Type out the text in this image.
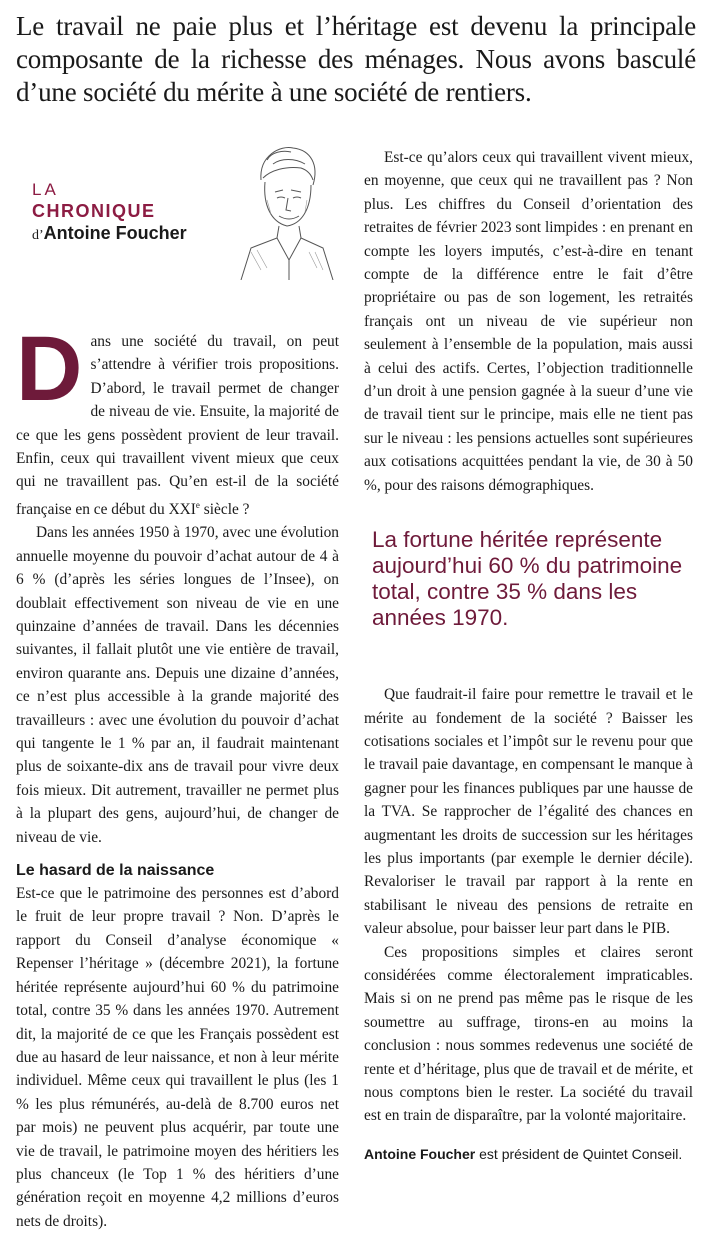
Le travail ne paie plus et l’héritage est devenu la principale composante de la richesse des ménages. Nous avons basculé d’une société du mérite à une société de rentiers.
LA
CHRONIQUE
d’Antoine Foucher

Dans une société du travail, on peut s’attendre à vérifier trois propositions. D’abord, le travail permet de changer de niveau de vie. Ensuite, la majorité de ce que les gens possèdent provient de leur travail. Enfin, ceux qui travaillent vivent mieux que ceux qui ne travaillent pas. Qu’en est-il de la société française en ce début du XXIe siècle ?

Dans les années 1950 à 1970, avec une évolution annuelle moyenne du pouvoir d’achat autour de 4 à 6 % (d’après les séries longues de l’Insee), on doublait effectivement son niveau de vie en une quinzaine d’années de travail. Dans les décennies suivantes, il fallait plutôt une vie entière de travail, environ quarante ans. Depuis une dizaine d’années, ce n’est plus accessible à la grande majorité des travailleurs : avec une évolution du pouvoir d’achat qui tangente le 1 % par an, il faudrait maintenant plus de soixante-dix ans de travail pour vivre deux fois mieux. Dit autrement, travailler ne permet plus à la plupart des gens, aujourd’hui, de changer de niveau de vie.

Le hasard de la naissance

Est-ce que le patrimoine des personnes est d’abord le fruit de leur propre travail ? Non. D’après le rapport du Conseil d’analyse économique « Repenser l’héritage » (décembre 2021), la fortune héritée représente aujourd’hui 60 % du patrimoine total, contre 35 % dans les années 1970. Autrement dit, la majorité de ce que les Français possèdent est due au hasard de leur naissance, et non à leur mérite individuel. Même ceux qui travaillent le plus (les 1 % les plus rémunérés, au-delà de 8.700 euros net par mois) ne peuvent plus acquérir, par toute une vie de travail, le patrimoine moyen des héritiers les plus chanceux (le Top 1 % des héritiers d’une génération reçoit en moyenne 4,2 millions d’euros nets de droits).

Est-ce qu’alors ceux qui travaillent vivent mieux, en moyenne, que ceux qui ne travaillent pas ? Non plus. Les chiffres du Conseil d’orientation des retraites de février 2023 sont limpides : en prenant en compte les loyers imputés, c’est-à-dire en tenant compte de la différence entre le fait d’être propriétaire ou pas de son logement, les retraités français ont un niveau de vie supérieur non seulement à l’ensemble de la population, mais aussi à celui des actifs. Certes, l’objection traditionnelle d’un droit à une pension gagnée à la sueur d’une vie de travail tient sur le principe, mais elle ne tient pas sur le niveau : les pensions actuelles sont supérieures aux cotisations acquittées pendant la vie, de 30 à 50 %, pour des raisons démographiques.

La fortune héritée représente aujourd’hui 60 % du patrimoine total, contre 35 % dans les années 1970.

Que faudrait-il faire pour remettre le travail et le mérite au fondement de la société ? Baisser les cotisations sociales et l’impôt sur le revenu pour que le travail paie davantage, en compensant le manque à gagner pour les finances publiques par une hausse de la TVA. Se rapprocher de l’égalité des chances en augmentant les droits de succession sur les héritages les plus importants (par exemple le dernier décile). Revaloriser le travail par rapport à la rente en stabilisant le niveau des pensions de retraite en valeur absolue, pour baisser leur part dans le PIB.

Ces propositions simples et claires seront considérées comme électoralement impraticables. Mais si on ne prend pas même pas le risque de les soumettre au suffrage, tirons-en au moins la conclusion : nous sommes redevenus une société de rente et d’héritage, plus que de travail et de mérite, et nous comptons bien le rester. La société du travail est en train de disparaître, par la volonté majoritaire.

Antoine Foucher est président de Quintet Conseil.
